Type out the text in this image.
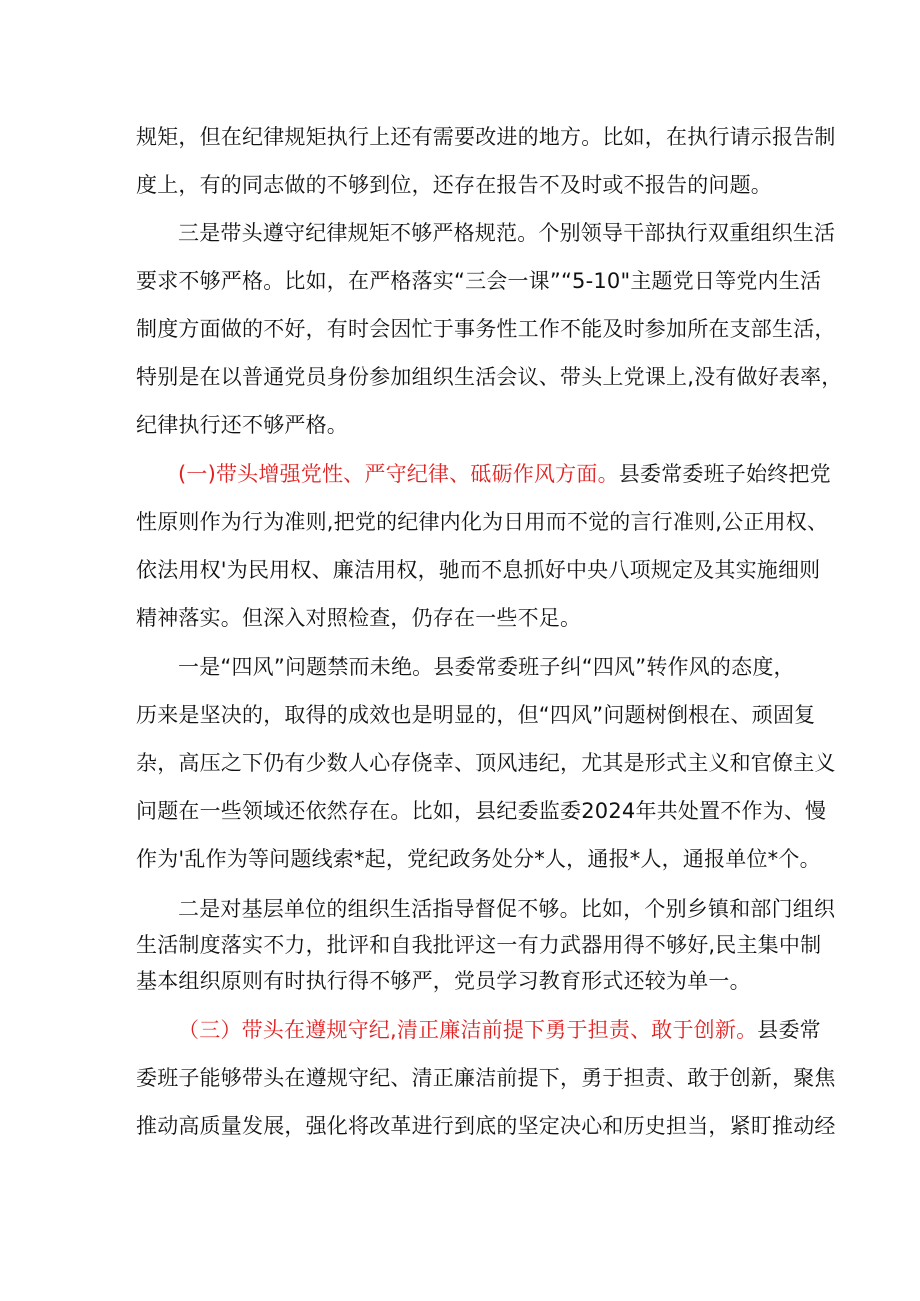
规矩，但在纪律规矩执行上还有需要改进的地方。比如，在执行请示报告制
度上，有的同志做的不够到位，还存在报告不及时或不报告的问题。

三是带头遵守纪律规矩不够严格规范。个别领导干部执行双重组织生活
要求不够严格。比如，在严格落实“三会一课”“5-10"主题党日等党内生活
制度方面做的不好，有时会因忙于事务性工作不能及时参加所在支部生活，
特别是在以普通党员身份参加组织生活会议、带头上党课上,没有做好表率，
纪律执行还不够严格。

(一)带头增强党性、严守纪律、砥砺作风方面。县委常委班子始终把党
性原则作为行为准则,把党的纪律内化为日用而不觉的言行准则,公正用权、
依法用权'为民用权、廉洁用权，驰而不息抓好中央八项规定及其实施细则
精神落实。但深入对照检查，仍存在一些不足。

一是“四风”问题禁而未绝。县委常委班子纠“四风”转作风的态度，
历来是坚决的，取得的成效也是明显的，但“四风”问题树倒根在、顽固复
杂，高压之下仍有少数人心存侥幸、顶风违纪，尤其是形式主义和官僚主义
问题在一些领域还依然存在。比如，县纪委监委2024年共处置不作为、慢
作为'乱作为等问题线索*起，党纪政务处分*人，通报*人，通报单位*个。

二是对基层单位的组织生活指导督促不够。比如，个别乡镇和部门组织
生活制度落实不力，批评和自我批评这一有力武器用得不够好,民主集中制
基本组织原则有时执行得不够严，党员学习教育形式还较为单一。

（三）带头在遵规守纪,清正廉洁前提下勇于担责、敢于创新。县委常
委班子能够带头在遵规守纪、清正廉洁前提下，勇于担责、敢于创新，聚焦
推动高质量发展，强化将改革进行到底的坚定决心和历史担当，紧盯推动经
